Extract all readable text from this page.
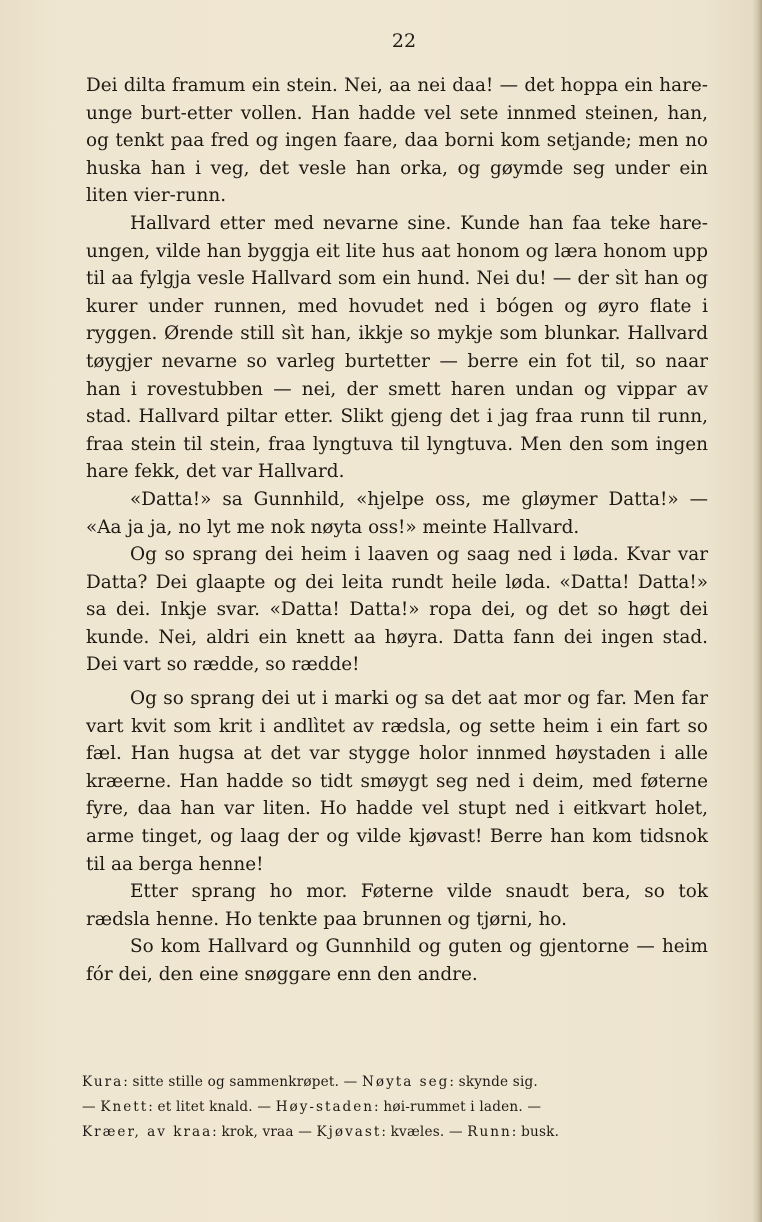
22

Dei dilta framum ein stein. Nei, aa nei daa! — det hoppa ein hare-unge burt-etter vollen. Han hadde vel sete innmed steinen, han, og tenkt paa fred og ingen faare, daa borni kom setjande; men no huska han i veg, det vesle han orka, og gøymde seg under ein liten vier-runn.

Hallvard etter med nevarne sine. Kunde han faa teke hare-ungen, vilde han byggja eit lite hus aat honom og læra honom upp til aa fylgja vesle Hallvard som ein hund. Nei du! — der sìt han og kurer under runnen, med hovudet ned i bógen og øyro flate i ryggen. Ørende still sìt han, ikkje so mykje som blunkar. Hallvard tøygjer nevarne so varleg burtetter — berre ein fot til, so naar han i rovestubben — nei, der smett haren undan og vippar av stad. Hallvard piltar etter. Slikt gjeng det i jag fraa runn til runn, fraa stein til stein, fraa lyngtuva til lyngtuva. Men den som ingen hare fekk, det var Hallvard.

«Datta!» sa Gunnhild, «hjelpe oss, me gløymer Datta!» — «Aa ja ja, no lyt me nok nøyta oss!» meinte Hallvard.

Og so sprang dei heim i laaven og saag ned i løda. Kvar var Datta? Dei glaapte og dei leita rundt heile løda. «Datta! Datta!» sa dei. Inkje svar. «Datta! Datta!» ropa dei, og det so høgt dei kunde. Nei, aldri ein knett aa høyra. Datta fann dei ingen stad. Dei vart so rædde, so rædde!

Og so sprang dei ut i marki og sa det aat mor og far. Men far vart kvit som krit i andlìtet av rædsla, og sette heim i ein fart so fæl. Han hugsa at det var stygge holor innmed høystaden i alle kræerne. Han hadde so tidt smøygt seg ned i deim, med føterne fyre, daa han var liten. Ho hadde vel stupt ned i eitkvart holet, arme tinget, og laag der og vilde kjøvast! Berre han kom tidsnok til aa berga henne!

Etter sprang ho mor. Føterne vilde snaudt bera, so tok rædsla henne. Ho tenkte paa brunnen og tjørni, ho.

So kom Hallvard og Gunnhild og guten og gjentorne — heim fór dei, den eine snøggare enn den andre.

Kura: sitte stille og sammenkrøpet. — Nøyta seg: skynde sig.
— Knett: et litet knald. — Høy-staden: høi-rummet i laden. —
Kræer, av kraa: krok, vraa — Kjøvast: kvæles. — Runn: busk.
